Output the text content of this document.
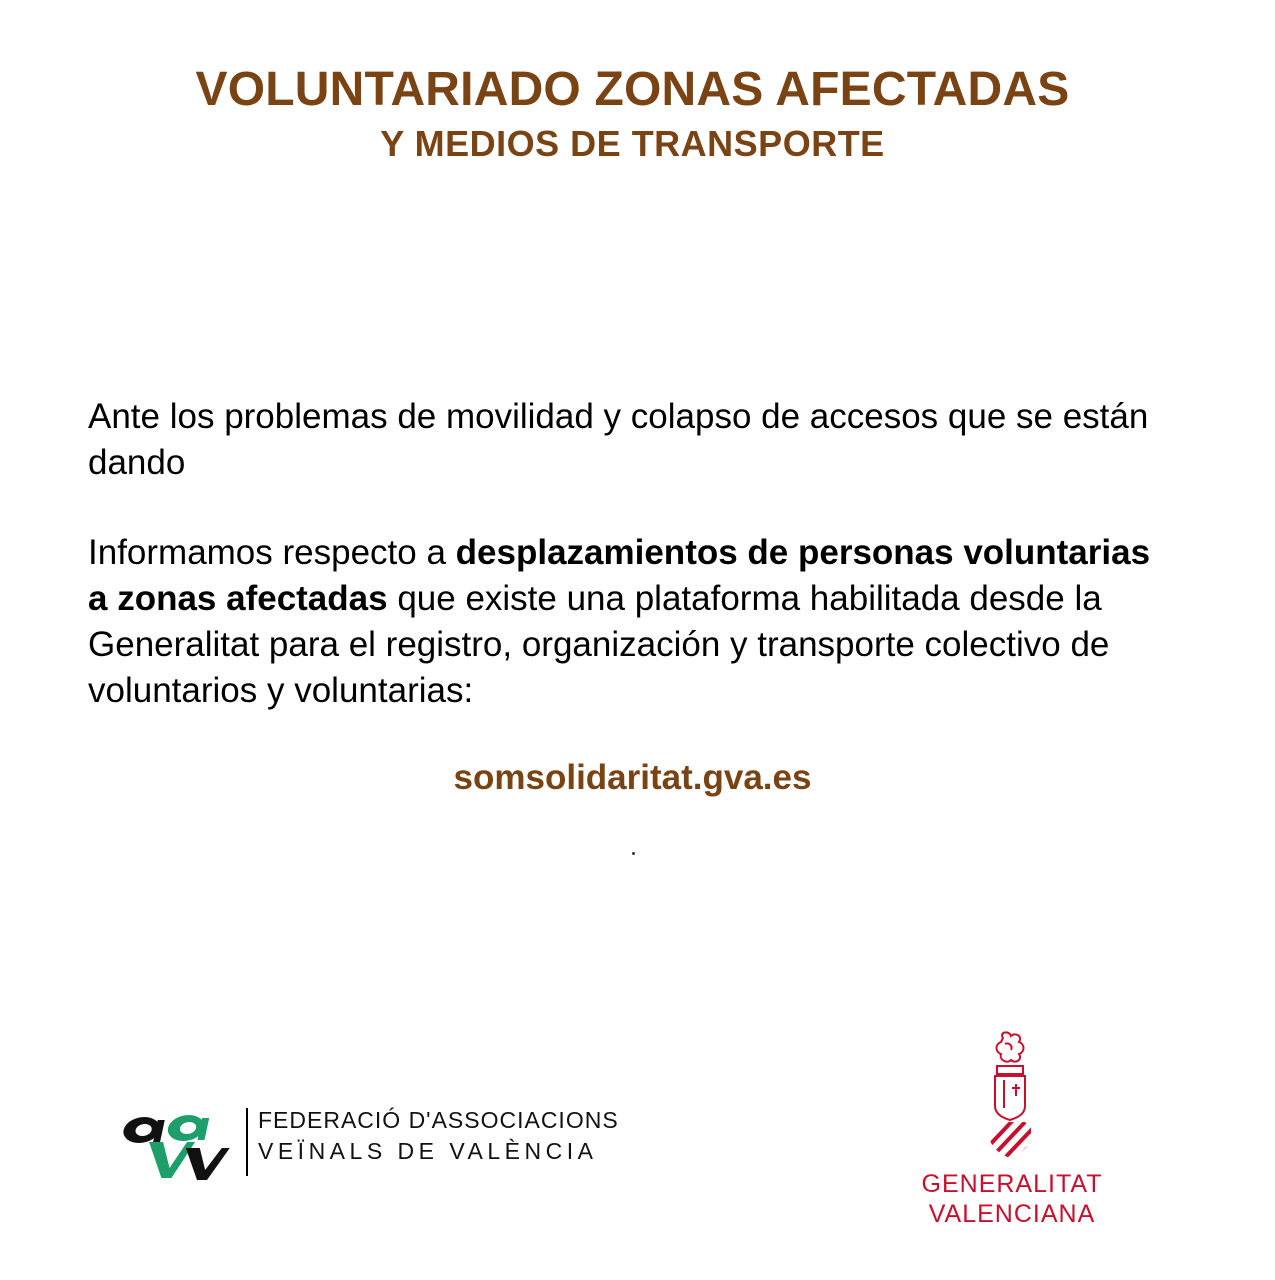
VOLUNTARIADO ZONAS AFECTADAS
Y MEDIOS DE TRANSPORTE

Ante los problemas de movilidad y colapso de accesos que se están dando

Informamos respecto a desplazamientos de personas voluntarias a zonas afectadas que existe una plataforma habilitada desde la Generalitat para el registro, organización y transporte colectivo de voluntarios y voluntarias:

somsolidaritat.gva.es

FEDERACIÓ D'ASSOCIACIONS

VEÏNALS DE VALÈNCIA

GENERALITAT

VALENCIANA
